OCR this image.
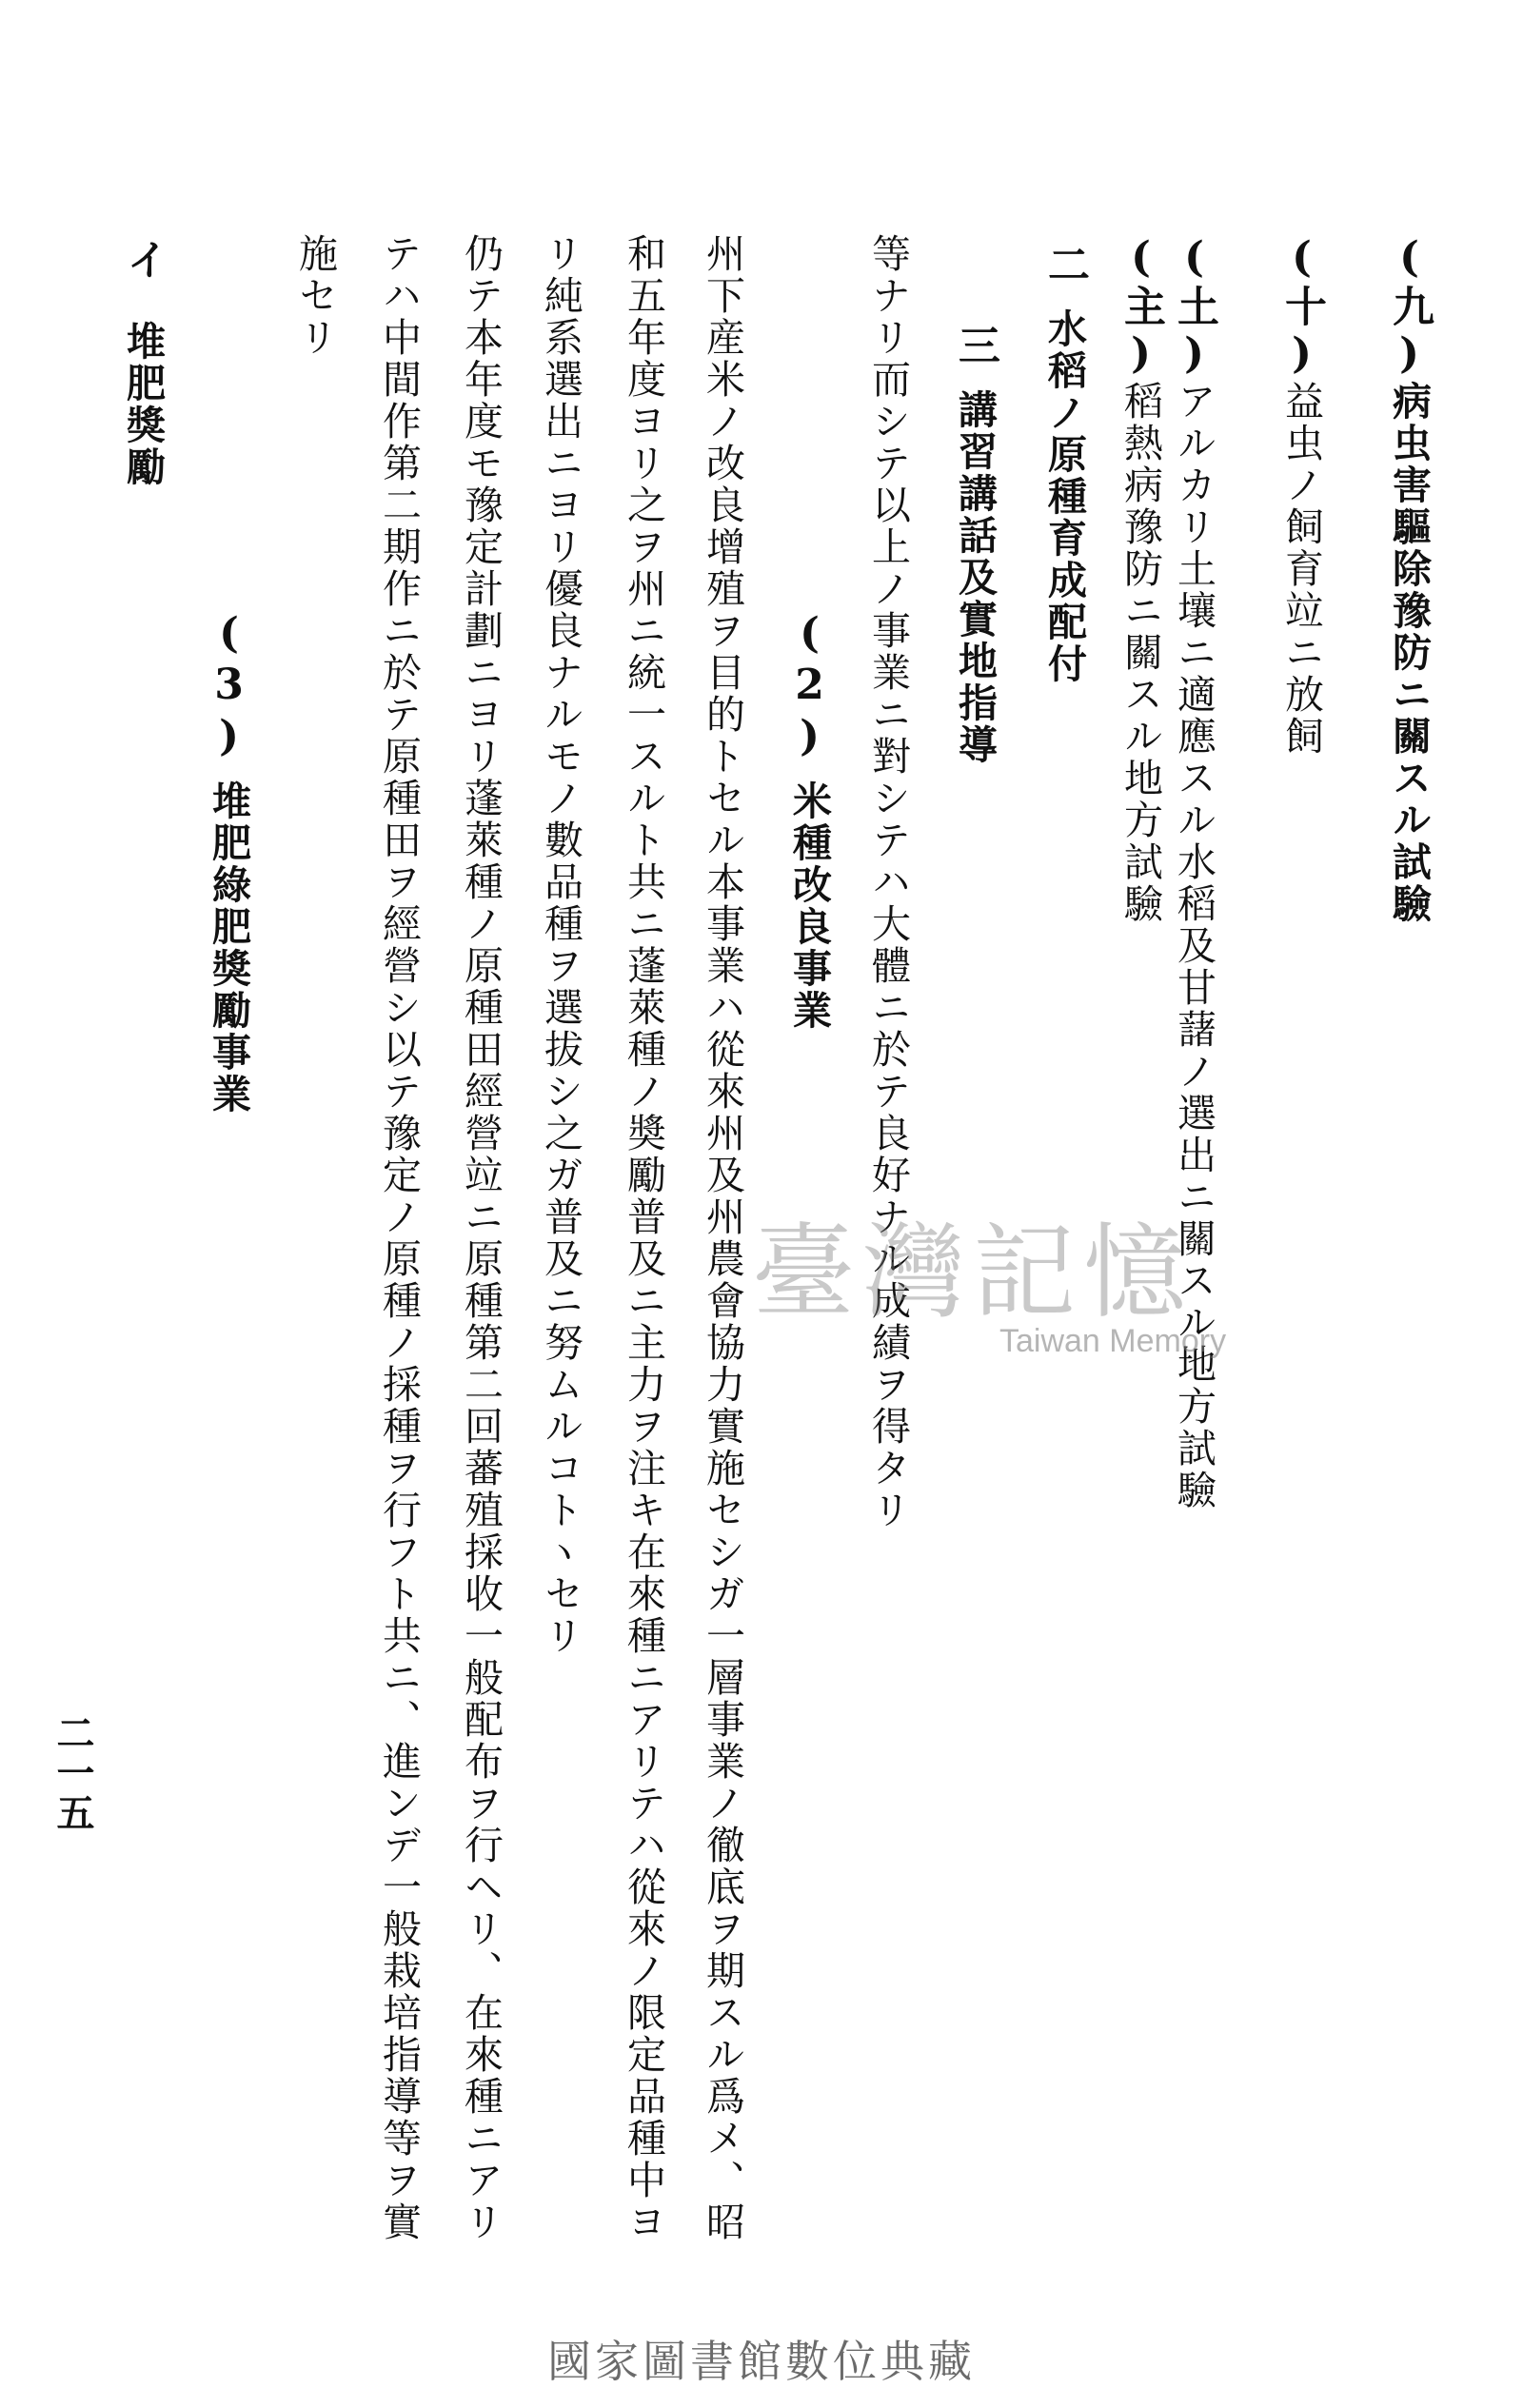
(九)病虫害驅除豫防ニ關スル試驗
(十)益虫ノ飼育竝ニ放飼
(土)アルカリ土壤ニ適應スル水稻及甘藷ノ選出ニ關スル地方試驗
(主)稻熱病豫防ニ關スル地方試驗
二水稻ノ原種育成配付
三講習講話及實地指導
等ナリ而シテ以上ノ事業ニ對シテハ大體ニ於テ良好ナル成績ヲ得タリ
(2)米種改良事業
州下産米ノ改良增殖ヲ目的トセル本事業ハ從來州及州農會協力實施セシガ一層事業ノ徹底ヲ期スル爲メ、昭
和五年度ヨリ之ヲ州ニ統一スルト共ニ蓬萊種ノ奬勵普及ニ主力ヲ注キ在來種ニアリテハ從來ノ限定品種中ヨ
リ純系選出ニヨリ優良ナルモノ數品種ヲ選拔シ之ガ普及ニ努ムルコトヽセリ
仍テ本年度モ豫定計劃ニヨリ蓬萊種ノ原種田經營竝ニ原種第二回蕃殖採收一般配布ヲ行ヘリ、在來種ニアリ
テハ中間作第二期作ニ於テ原種田ヲ經營シ以テ豫定ノ原種ノ採種ヲ行フト共ニ、進ンデ一般栽培指導等ヲ實
施セリ
(3)堆肥綠肥獎勵事業
イ堆肥獎勵
二一五
臺灣記憶
Taiwan Memory
國家圖書館數位典藏
